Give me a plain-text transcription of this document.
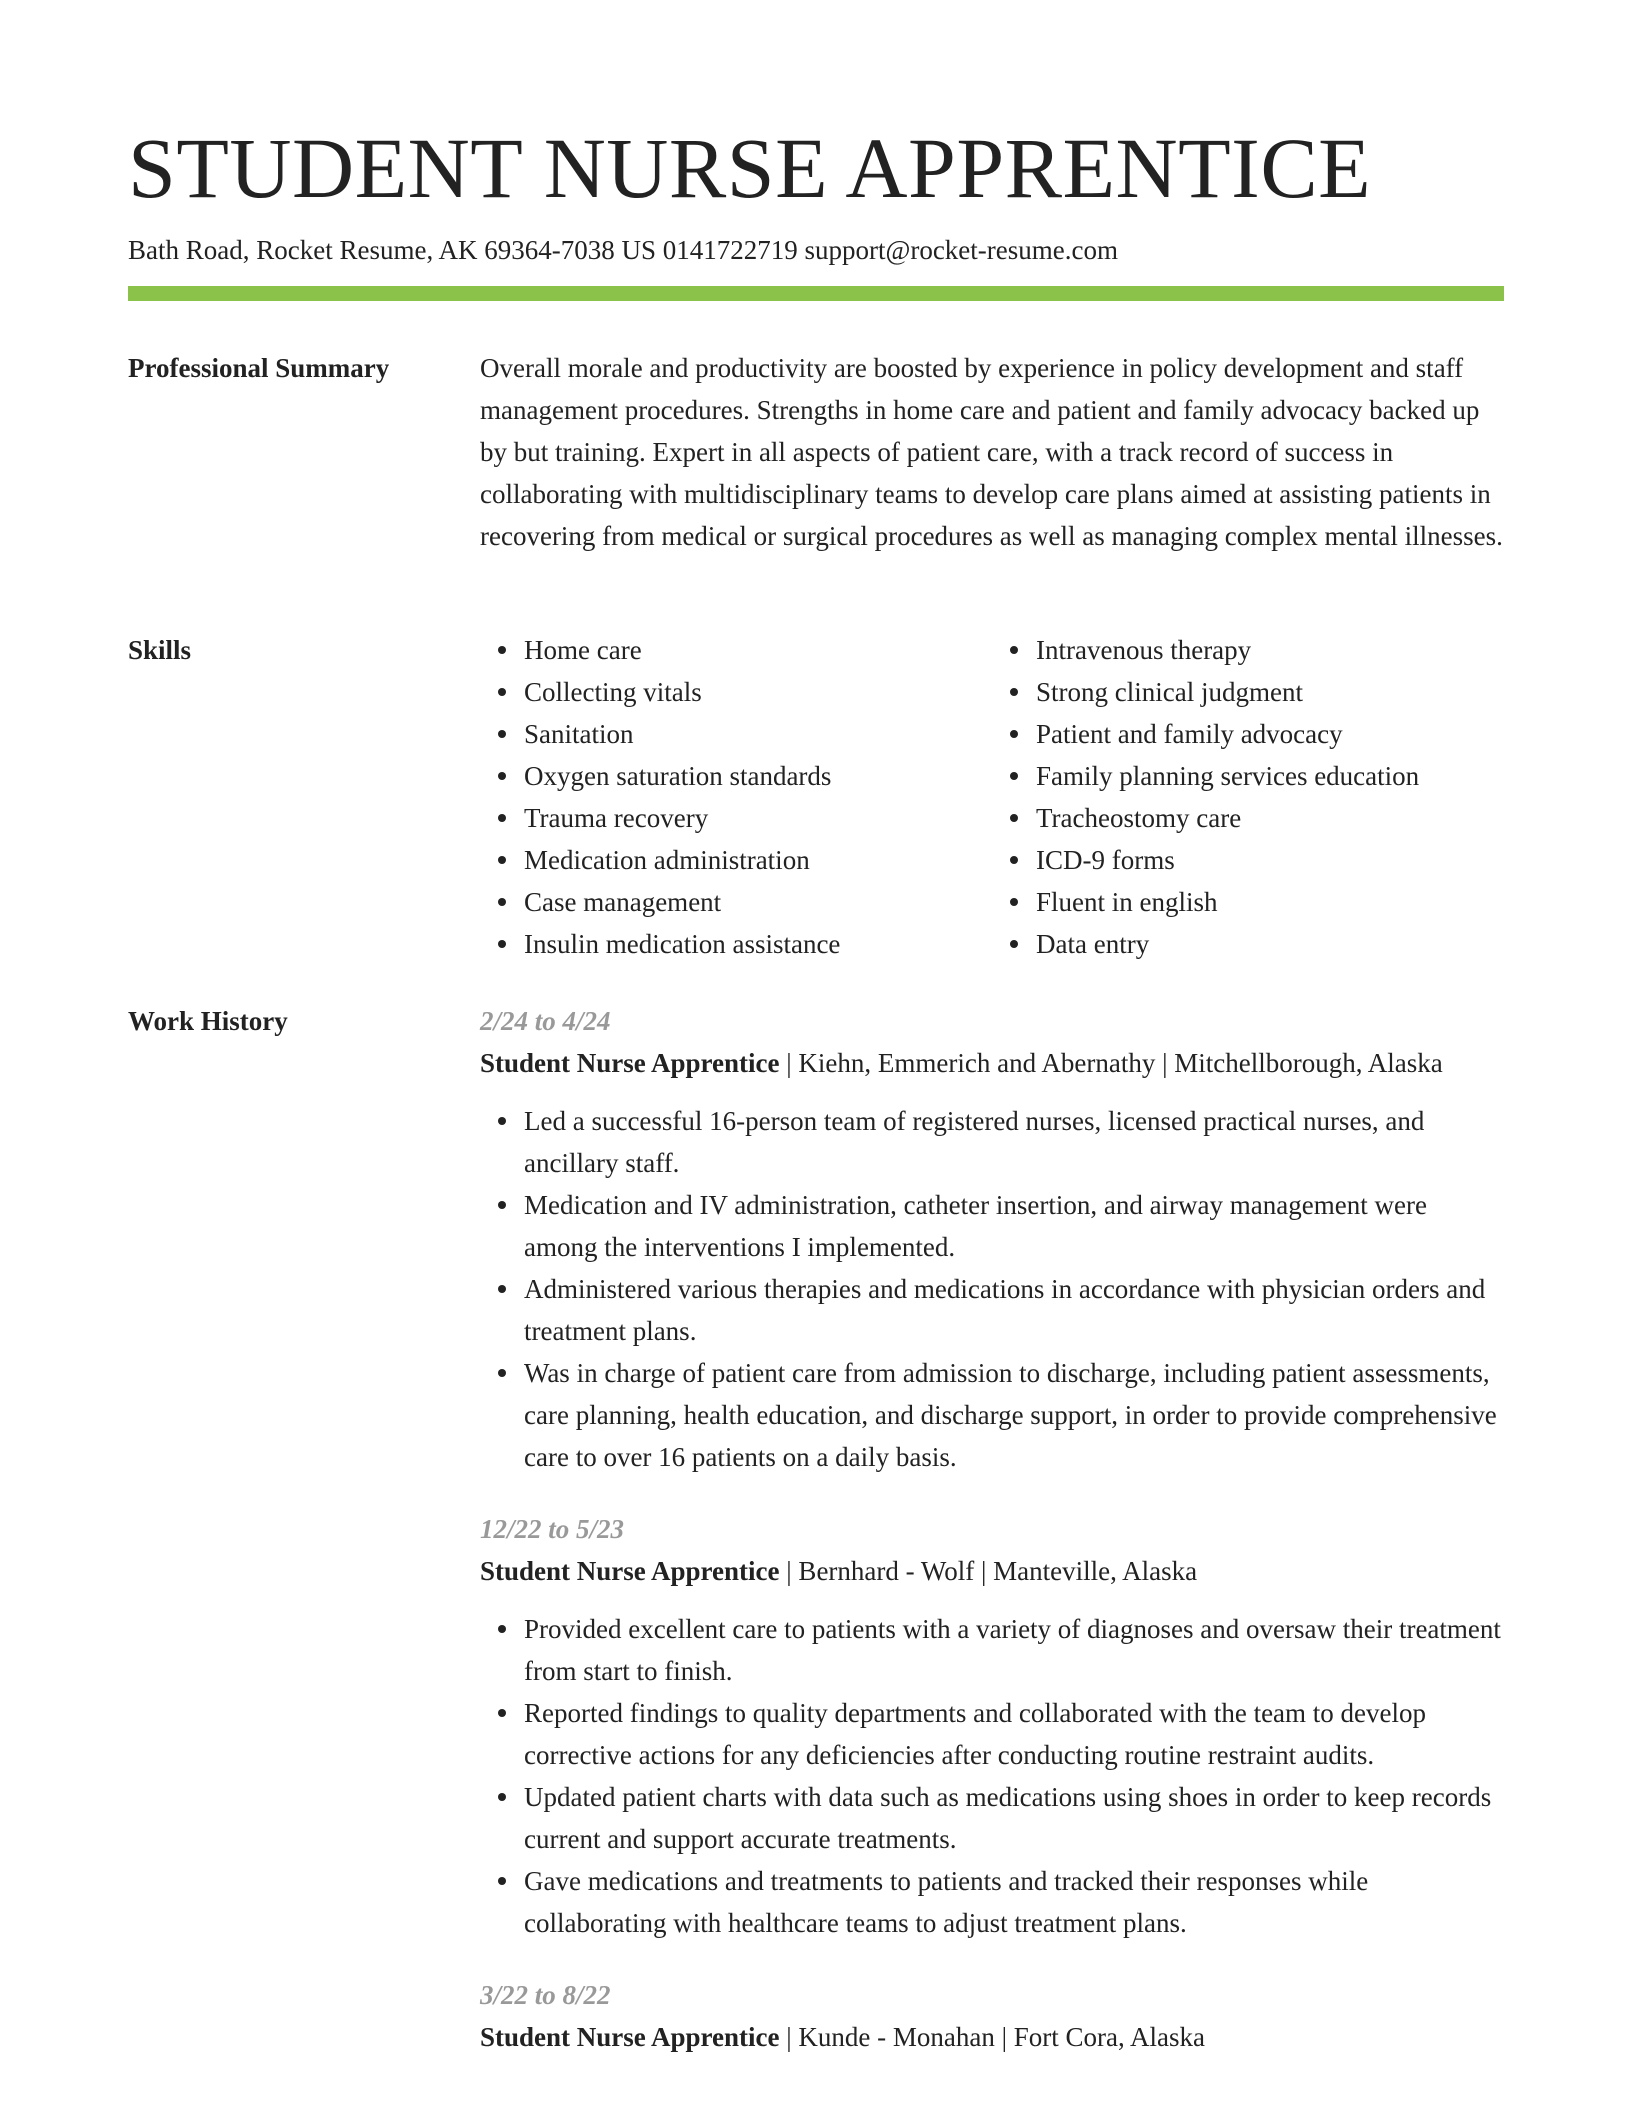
STUDENT NURSE APPRENTICE
Bath Road, Rocket Resume, AK 69364-7038 US 0141722719 support@rocket-resume.com
Professional Summary	Overall morale and productivity are boosted by experience in policy development and staff management procedures. Strengths in home care and patient and family advocacy backed up by but training. Expert in all aspects of patient care, with a track record of success in collaborating with multidisciplinary teams to develop care plans aimed at assisting patients in recovering from medical or surgical procedures as well as managing complex mental illnesses.

Skills	Home care
Collecting vitals
Sanitation
Oxygen saturation standards
Trauma recovery
Medication administration
Case management
Insulin medication assistance
Intravenous therapy
Strong clinical judgment
Patient and family advocacy
Family planning services education
Tracheostomy care
ICD-9 forms
Fluent in english
Data entry
Work History	2/24 to 4/24
Student Nurse Apprentice | Kiehn, Emmerich and Abernathy | Mitchellborough, Alaska
Led a successful 16-person team of registered nurses, licensed practical nurses, and ancillary staff.
Medication and IV administration, catheter insertion, and airway management were among the interventions I implemented.
Administered various therapies and medications in accordance with physician orders and treatment plans.
Was in charge of patient care from admission to discharge, including patient assessments, care planning, health education, and discharge support, in order to provide comprehensive care to over 16 patients on a daily basis.
12/22 to 5/23
Student Nurse Apprentice | Bernhard - Wolf | Manteville, Alaska
Provided excellent care to patients with a variety of diagnoses and oversaw their treatment from start to finish.
Reported findings to quality departments and collaborated with the team to develop corrective actions for any deficiencies after conducting routine restraint audits.
Updated patient charts with data such as medications using shoes in order to keep records current and support accurate treatments.
Gave medications and treatments to patients and tracked their responses while collaborating with healthcare teams to adjust treatment plans.
3/22 to 8/22
Student Nurse Apprentice | Kunde - Monahan | Fort Cora, Alaska
